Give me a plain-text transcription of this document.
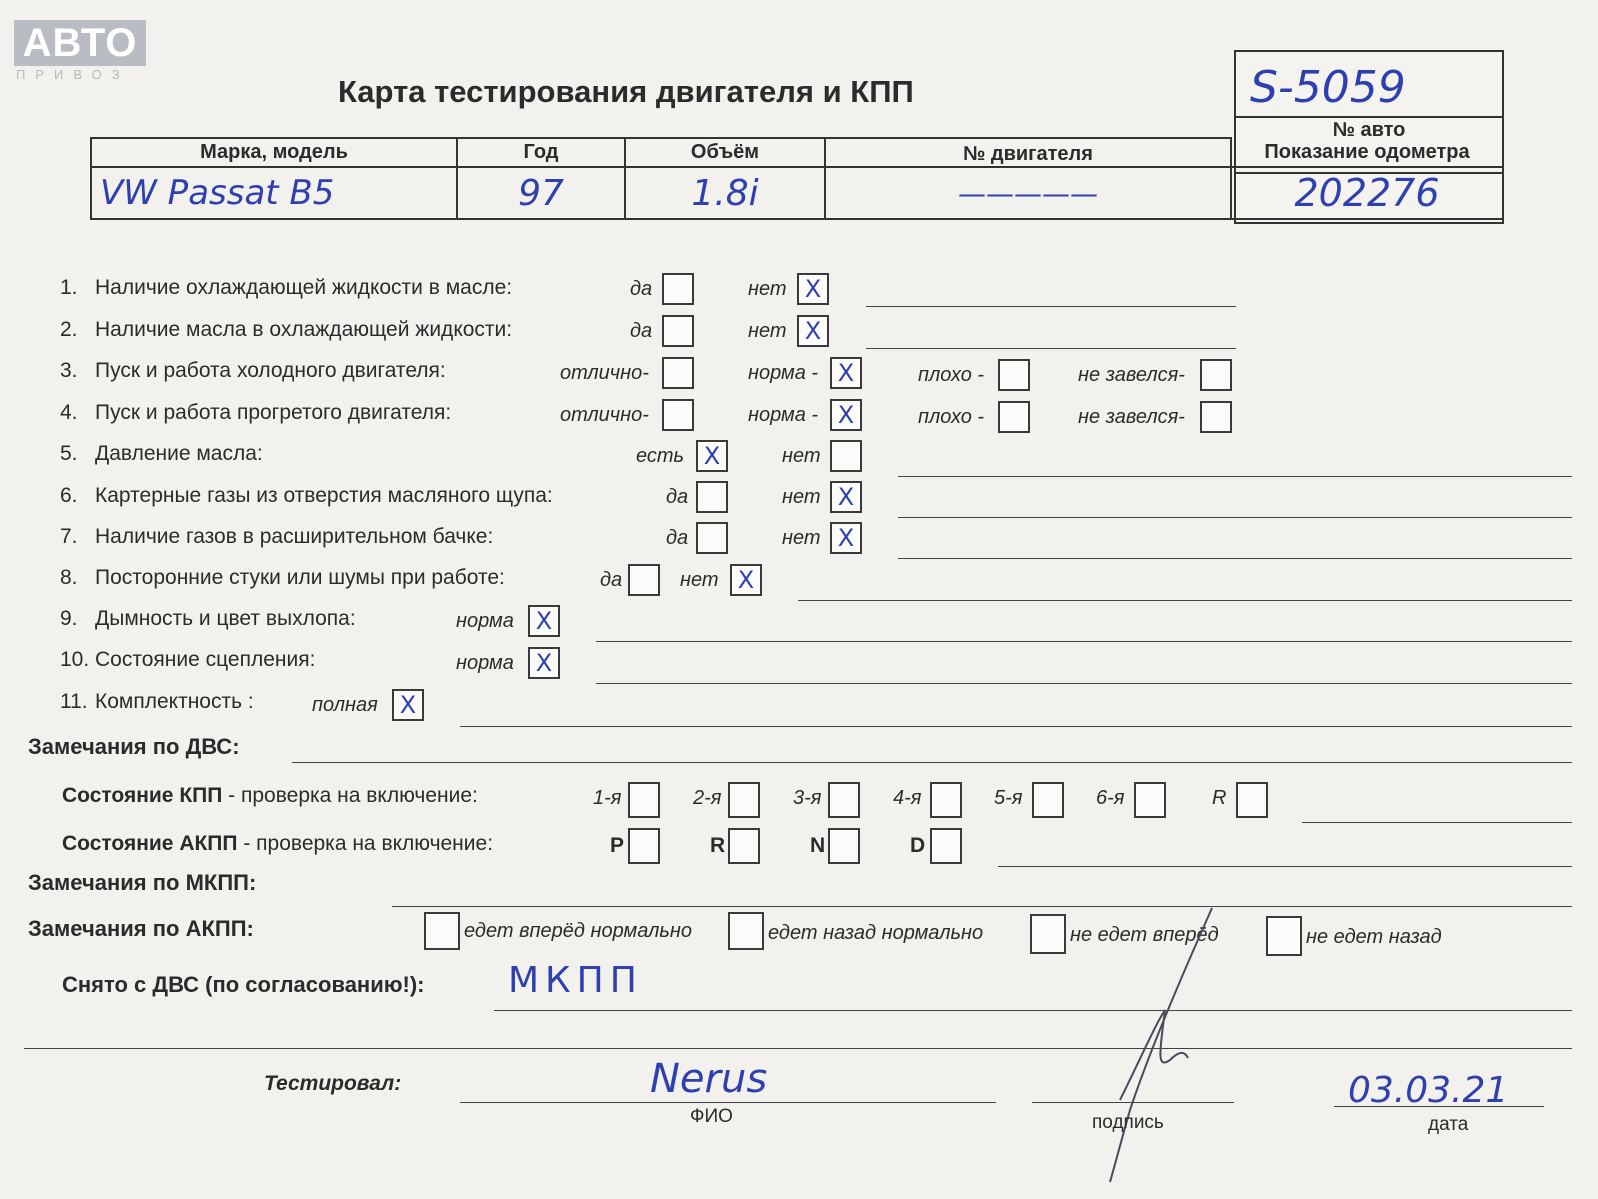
АВТО
ПРИВОЗ	Карта тестирования двигателя и КПП	S-5059
№ авто
Марка, модель	Год	Объём	№ двигателя	Показание одометра
VW Passat B5	97	1.8i	—————	202276
1. Наличие охлаждающей жидкости в масле:	да	нет X
2. Наличие масла в охлаждающей жидкости:	да	нет X
3. Пуск и работа холодного двигателя:	отлично-	норма - X	плохо -	не завелся-
4. Пуск и работа прогретого двигателя:	отлично-	норма - X	плохо -	не завелся-
5. Давление масла:	есть X	нет
6. Картерные газы из отверстия масляного щупа:	да	нет X
7. Наличие газов в расширительном бачке:	да	нет X
8. Посторонние стуки или шумы при работе:	да	нет X
9. Дымность и цвет выхлопа:	норма X
10. Состояние сцепления:	норма X
11. Комплектность :	полная X
Замечания по ДВС:
Состояние КПП - проверка на включение:	1-я	2-я	3-я	4-я	5-я	6-я	R
Состояние АКПП - проверка на включение:	P	R	N	D
Замечания по МКПП:
Замечания по АКПП:	едет вперёд нормально	едет назад нормально	не едет вперёд	не едет назад
Снято с ДВС (по согласованию!): МКПП
Тестировал:	Nerus
ФИО	подпись
03.03.21
дата
